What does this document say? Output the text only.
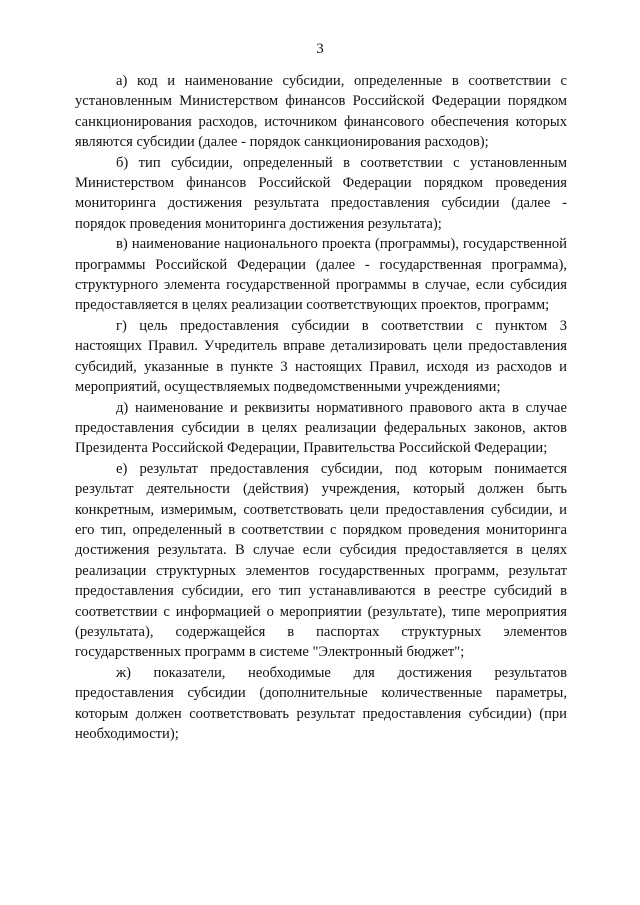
3

а) код и наименование субсидии, определенные в соответствии с установленным Министерством финансов Российской Федерации порядком санкционирования расходов, источником финансового обеспечения которых являются субсидии (далее - порядок санкционирования расходов);

б) тип субсидии, определенный в соответствии с установленным Министерством финансов Российской Федерации порядком проведения мониторинга достижения результата предоставления субсидии (далее - порядок проведения мониторинга достижения результата);

в) наименование национального проекта (программы), государственной программы Российской Федерации (далее - государственная программа), структурного элемента государственной программы в случае, если субсидия предоставляется в целях реализации соответствующих проектов, программ;

г) цель предоставления субсидии в соответствии с пунктом 3 настоящих Правил. Учредитель вправе детализировать цели предоставления субсидий, указанные в пункте 3 настоящих Правил, исходя из расходов и мероприятий, осуществляемых подведомственными учреждениями;

д) наименование и реквизиты нормативного правового акта в случае предоставления субсидии в целях реализации федеральных законов, актов Президента Российской Федерации, Правительства Российской Федерации;

е) результат предоставления субсидии, под которым понимается результат деятельности (действия) учреждения, который должен быть конкретным, измеримым, соответствовать цели предоставления субсидии, и его тип, определенный в соответствии с порядком проведения мониторинга достижения результата. В случае если субсидия предоставляется в целях реализации структурных элементов государственных программ, результат предоставления субсидии, его тип устанавливаются в реестре субсидий в соответствии с информацией о мероприятии (результате), типе мероприятия (результата), содержащейся в паспортах структурных элементов государственных программ в системе "Электронный бюджет";

ж) показатели, необходимые для достижения результатов предоставления субсидии (дополнительные количественные параметры, которым должен соответствовать результат предоставления субсидии) (при необходимости);
